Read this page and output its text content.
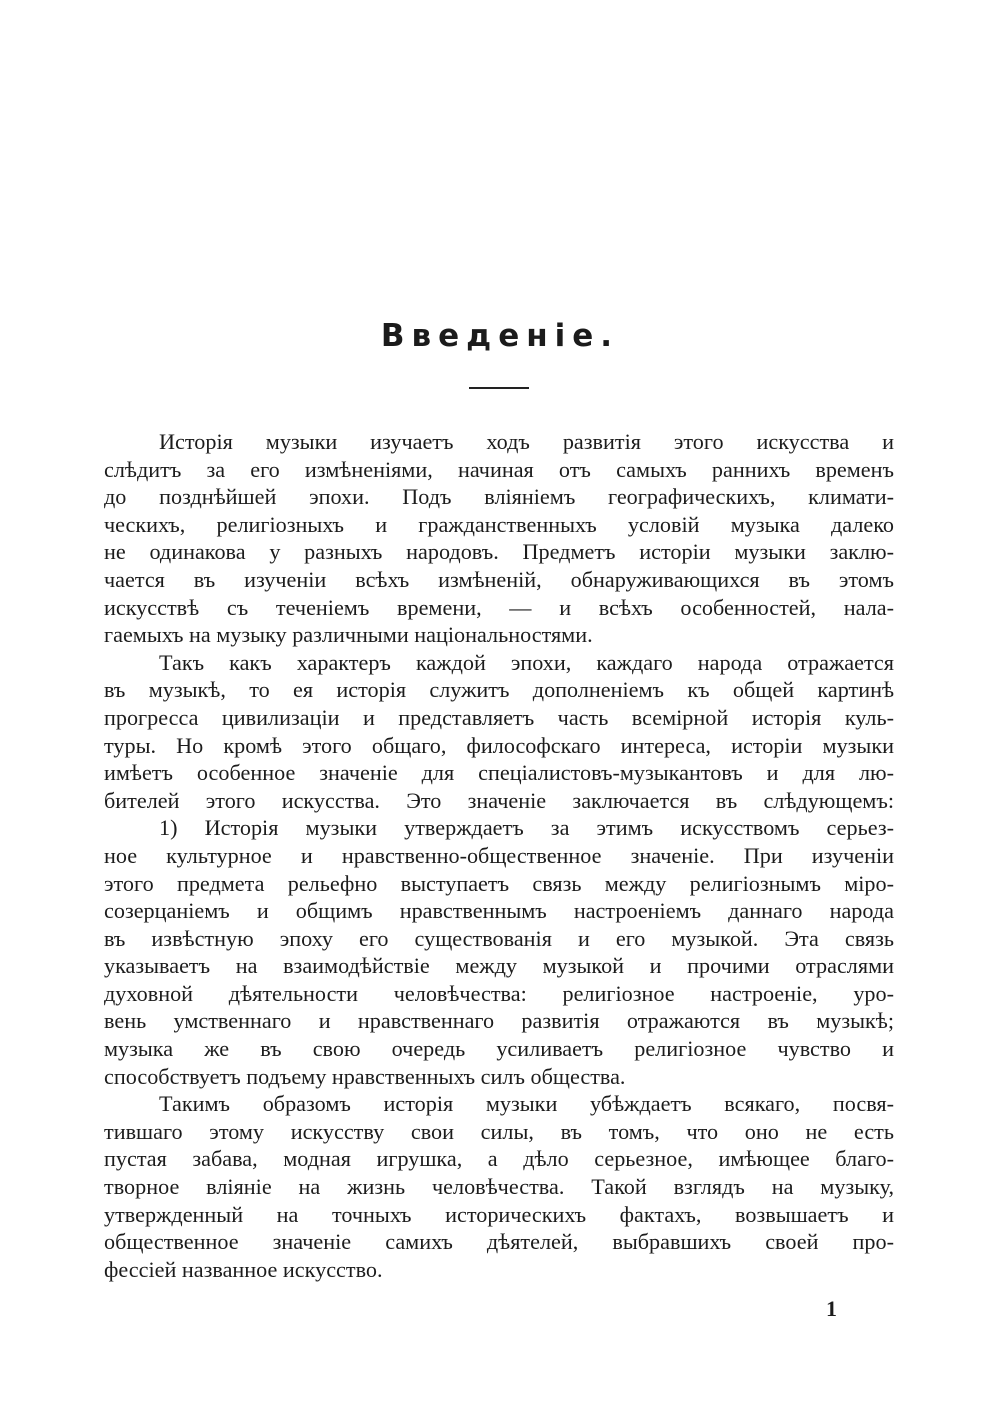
Введенiе.
Исторія музыки изучаетъ ходъ развитія этого искусства и
слѣдитъ за его измѣненіями, начиная отъ самыхъ раннихъ временъ
до позднѣйшей эпохи. Подъ вліяніемъ географическихъ, климати-
ческихъ, религіозныхъ и гражданственныхъ условій музыка далеко
не одинакова у разныхъ народовъ. Предметъ исторіи музыки заклю-
чается въ изученіи всѣхъ измѣненій, обнаруживающихся въ этомъ
искусствѣ съ теченіемъ времени, — и всѣхъ особенностей, нала-
гаемыхъ на музыку различными національностями.
Такъ какъ характеръ каждой эпохи, каждаго народа отражается
въ музыкѣ, то ея исторія служитъ дополненіемъ къ общей картинѣ
прогресса цивилизаціи и представляетъ часть всемірной исторія куль-
туры. Но кромѣ этого общаго, философскаго интереса, исторіи музыки
имѣетъ особенное значеніе для спеціалистовъ-музыкантовъ и для лю-
бителей этого искусства. Это значеніе заключается въ слѣдующемъ:
1) Исторія музыки утверждаетъ за этимъ искусствомъ серьез-
ное культурное и нравственно-общественное значеніе. При изученіи
этого предмета рельефно выступаетъ связь между религіознымъ міро-
созерцаніемъ и общимъ нравственнымъ настроеніемъ даннаго народа
въ извѣстную эпоху его существованія и его музыкой. Эта связь
указываетъ на взаимодѣйствіе между музыкой и прочими отраслями
духовной дѣятельности человѣчества: религіозное настроеніе, уро-
вень умственнаго и нравственнаго развитія отражаются въ музыкѣ;
музыка же въ свою очередь усиливаетъ религіозное чувство и
способствуетъ подъему нравственныхъ силъ общества.
Такимъ образомъ исторія музыки убѣждаетъ всякаго, посвя-
тившаго этому искусству свои силы, въ томъ, что оно не есть
пустая забава, модная игрушка, а дѣло серьезное, имѣющее благо-
творное вліяніе на жизнь человѣчества. Такой взглядъ на музыку,
утвержденный на точныхъ историческихъ фактахъ, возвышаетъ и
общественное значеніе самихъ дѣятелей, выбравшихъ своей про-
фессіей названное искусство.
1
